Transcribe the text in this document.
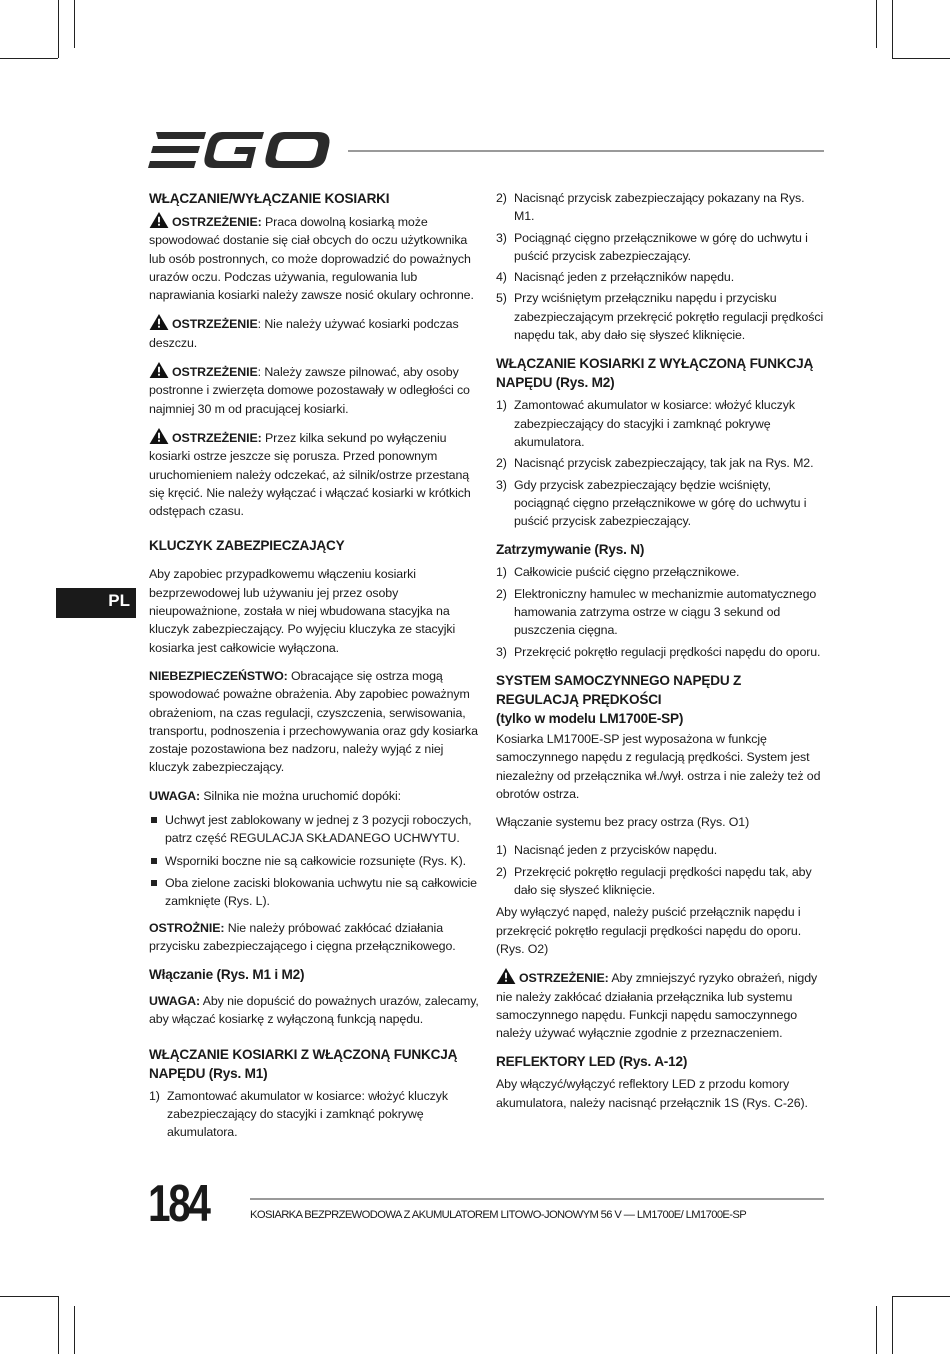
PL
WŁĄCZANIE/WYŁĄCZANIE KOSIARKI

OSTRZEŻENIE: Praca dowolną kosiarką może spowodować dostanie się ciał obcych do oczu użytkownika lub osób postronnych, co może doprowadzić do poważnych urazów oczu. Podczas używania, regulowania lub naprawiania kosiarki należy zawsze nosić okulary ochronne.

OSTRZEŻENIE: Nie należy używać kosiarki podczas deszczu.

OSTRZEŻENIE: Należy zawsze pilnować, aby osoby postronne i zwierzęta domowe pozostawały w odległości co najmniej 30 m od pracującej kosiarki.

OSTRZEŻENIE: Przez kilka sekund po wyłączeniu kosiarki ostrze jeszcze się porusza. Przed ponownym uruchomieniem należy odczekać, aż silnik/ostrze przestaną się kręcić. Nie należy wyłączać i włączać kosiarki w krótkich odstępach czasu.

KLUCZYK ZABEZPIECZAJĄCY

Aby zapobiec przypadkowemu włączeniu kosiarki bezprzewodowej lub używaniu jej przez osoby nieupoważnione, została w niej wbudowana stacyjka na kluczyk zabezpieczający. Po wyjęciu kluczyka ze stacyjki kosiarka jest całkowicie wyłączona.

NIEBEZPIECZEŃSTWO: Obracające się ostrza mogą spowodować poważne obrażenia. Aby zapobiec poważnym obrażeniom, na czas regulacji, czyszczenia, serwisowania, transportu, podnoszenia i przechowywania oraz gdy kosiarka zostaje pozostawiona bez nadzoru, należy wyjąć z niej kluczyk zabezpieczający.

UWAGA: Silnika nie można uruchomić dopóki:

Uchwyt jest zablokowany w jednej z 3 pozycji roboczych, patrz część REGULACJA SKŁADANEGO UCHWYTU.
Wsporniki boczne nie są całkowicie rozsunięte (Rys. K).
Oba zielone zaciski blokowania uchwytu nie są całkowicie zamknięte (Rys. L).

OSTROŻNIE: Nie należy próbować zakłócać działania przycisku zabezpieczającego i cięgna przełącznikowego.

Włączanie (Rys. M1 i M2)

UWAGA: Aby nie dopuścić do poważnych urazów, zalecamy, aby włączać kosiarkę z wyłączoną funkcją napędu.

WŁĄCZANIE KOSIARKI Z WŁĄCZONĄ FUNKCJĄ NAPĘDU (Rys. M1)
1) Zamontować akumulator w kosiarce: włożyć kluczyk zabezpieczający do stacyjki i zamknąć pokrywę akumulatora.
2) Nacisnąć przycisk zabezpieczający pokazany na Rys. M1.
3) Pociągnąć cięgno przełącznikowe w górę do uchwytu i puścić przycisk zabezpieczający.
4) Nacisnąć jeden z przełączników napędu.
5) Przy wciśniętym przełączniku napędu i przycisku zabezpieczającym przekręcić pokrętło regulacji prędkości napędu tak, aby dało się słyszeć kliknięcie.
WŁĄCZANIE KOSIARKI Z WYŁĄCZONĄ FUNKCJĄ NAPĘDU (Rys. M2)
1) Zamontować akumulator w kosiarce: włożyć kluczyk zabezpieczający do stacyjki i zamknąć pokrywę akumulatora.
2) Nacisnąć przycisk zabezpieczający, tak jak na Rys. M2.
3) Gdy przycisk zabezpieczający będzie wciśnięty, pociągnąć cięgno przełącznikowe w górę do uchwytu i puścić przycisk zabezpieczający.
Zatrzymywanie (Rys. N)
1) Całkowicie puścić cięgno przełącznikowe.
2) Elektroniczny hamulec w mechanizmie automatycznego hamowania zatrzyma ostrze w ciągu 3 sekund od puszczenia cięgna.
3) Przekręcić pokrętło regulacji prędkości napędu do oporu.
SYSTEM SAMOCZYNNEGO NAPĘDU Z REGULACJĄ PRĘDKOŚCI
(tylko w modelu LM1700E-SP)

Kosiarka LM1700E-SP jest wyposażona w funkcję samoczynnego napędu z regulacją prędkości. System jest niezależny od przełącznika wł./wył. ostrza i nie zależy też od obrotów ostrza.

Włączanie systemu bez pracy ostrza (Rys. O1)

1) Nacisnąć jeden z przycisków napędu.
2) Przekręcić pokrętło regulacji prędkości napędu tak, aby dało się słyszeć kliknięcie.

Aby wyłączyć napęd, należy puścić przełącznik napędu i przekręcić pokrętło regulacji prędkości napędu do oporu. (Rys. O2)

OSTRZEŻENIE: Aby zmniejszyć ryzyko obrażeń, nigdy nie należy zakłócać działania przełącznika lub systemu samoczynnego napędu. Funkcji napędu samoczynnego należy używać wyłącznie zgodnie z przeznaczeniem.

REFLEKTORY LED (Rys. A-12)

Aby włączyć/wyłączyć reflektory LED z przodu komory akumulatora, należy nacisnąć przełącznik 1S (Rys. C-26).

184	KOSIARKA BEZPRZEWODOWA Z AKUMULATOREM LITOWO-JONOWYM 56 V — LM1700E/ LM1700E-SP
